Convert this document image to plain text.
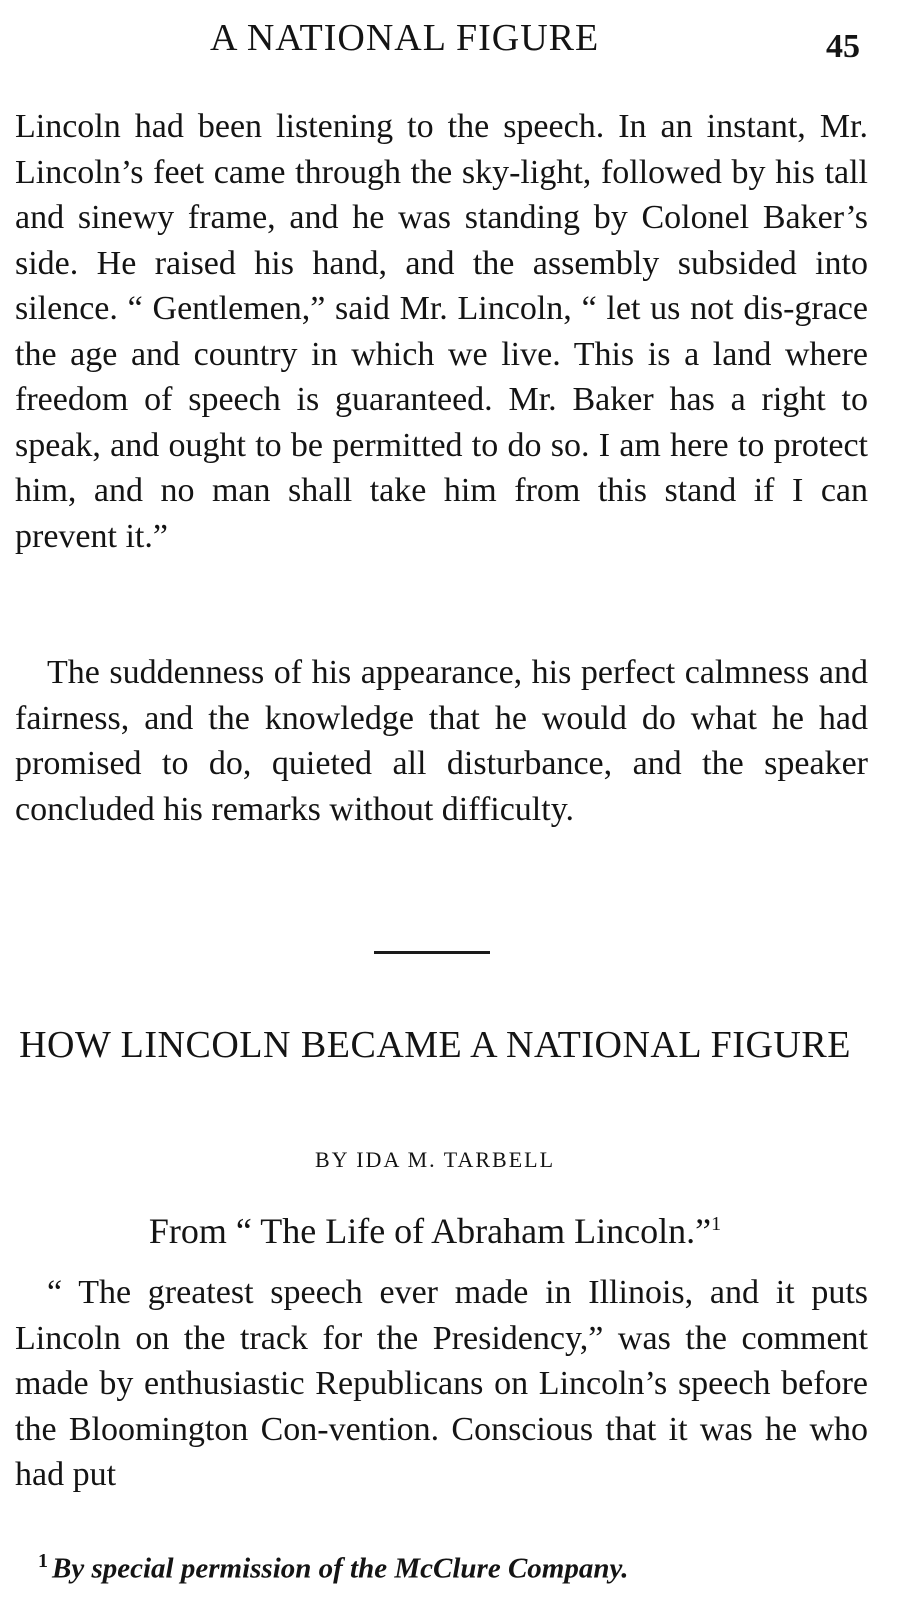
A NATIONAL FIGURE	45

Lincoln had been listening to the speech. In an instant, Mr. Lincoln’s feet came through the sky-light, followed by his tall and sinewy frame, and he was standing by Colonel Baker’s side. He raised his hand, and the assembly subsided into silence. “ Gentlemen,” said Mr. Lincoln, “ let us not dis-grace the age and country in which we live. This is a land where freedom of speech is guaranteed. Mr. Baker has a right to speak, and ought to be permitted to do so. I am here to protect him, and no man shall take him from this stand if I can prevent it.”

The suddenness of his appearance, his perfect calmness and fairness, and the knowledge that he would do what he had promised to do, quieted all disturbance, and the speaker concluded his remarks without difficulty.

HOW LINCOLN BECAME A NATIONAL FIGURE
BY IDA M. TARBELL
From “ The Life of Abraham Lincoln.”$^1$

“ The greatest speech ever made in Illinois, and it puts Lincoln on the track for the Presidency,” was the comment made by enthusiastic Republicans on Lincoln’s speech before the Bloomington Con-vention. Conscious that it was he who had put

$^1$ By special permission of the McClure Company.
